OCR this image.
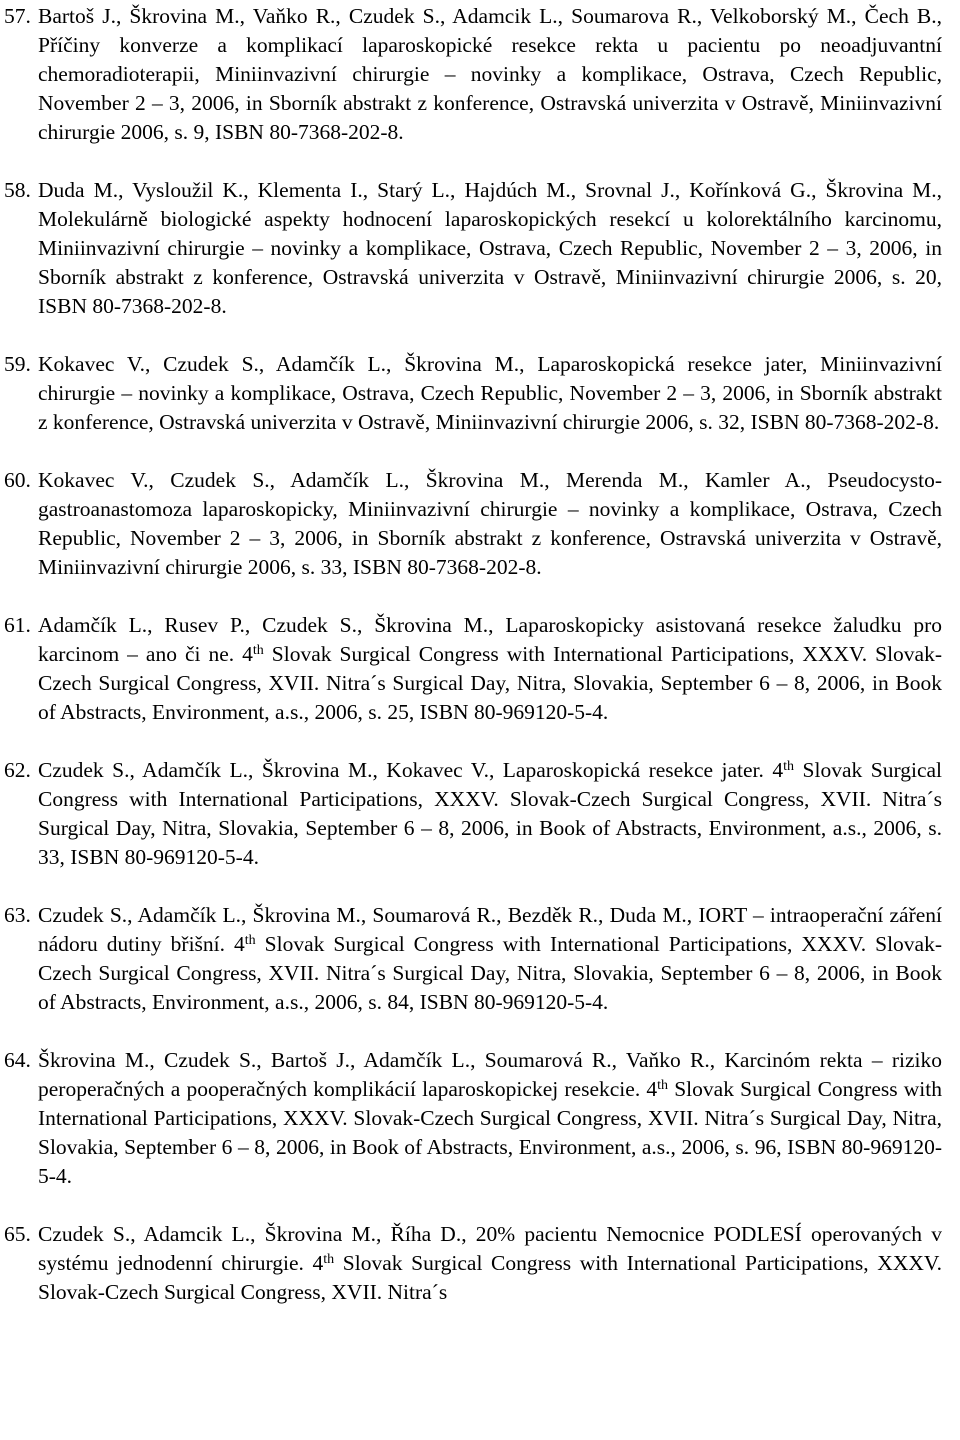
57. Bartoš J., Škrovina M., Vaňko R., Czudek S., Adamcik L., Soumarova R., Velkoborský M., Čech B., Příčiny konverze a komplikací laparoskopické resekce rekta u pacientu po neoadjuvantní chemoradioterapii, Miniinvazivní chirurgie – novinky a komplikace, Ostrava, Czech Republic, November 2 – 3, 2006, in Sborník abstrakt z konference, Ostravská univerzita v Ostravě, Miniinvazivní chirurgie 2006, s. 9, ISBN 80-7368-202-8.
58. Duda M., Vysloužil K., Klementa I., Starý L., Hajdúch M., Srovnal J., Kořínková G., Škrovina M., Molekulárně biologické aspekty hodnocení laparoskopických resekcí u kolorektálního karcinomu, Miniinvazivní chirurgie – novinky a komplikace, Ostrava, Czech Republic, November 2 – 3, 2006, in Sborník abstrakt z konference, Ostravská univerzita v Ostravě, Miniinvazivní chirurgie 2006, s. 20, ISBN 80-7368-202-8.
59. Kokavec V., Czudek S., Adamčík L., Škrovina M., Laparoskopická resekce jater, Miniinvazivní chirurgie – novinky a komplikace, Ostrava, Czech Republic, November 2 – 3, 2006, in Sborník abstrakt z konference, Ostravská univerzita v Ostravě, Miniinvazivní chirurgie 2006, s. 32, ISBN 80-7368-202-8.
60. Kokavec V., Czudek S., Adamčík L., Škrovina M., Merenda M., Kamler A., Pseudocysto-gastroanastomoza laparoskopicky, Miniinvazivní chirurgie – novinky a komplikace, Ostrava, Czech Republic, November 2 – 3, 2006, in Sborník abstrakt z konference, Ostravská univerzita v Ostravě, Miniinvazivní chirurgie 2006, s. 33, ISBN 80-7368-202-8.
61. Adamčík L., Rusev P., Czudek S., Škrovina M., Laparoskopicky asistovaná resekce žaludku pro karcinom – ano či ne. 4th Slovak Surgical Congress with International Participations, XXXV. Slovak-Czech Surgical Congress, XVII. Nitra´s Surgical Day, Nitra, Slovakia, September 6 – 8, 2006, in Book of Abstracts, Environment, a.s., 2006, s. 25, ISBN 80-969120-5-4.
62. Czudek S., Adamčík L., Škrovina M., Kokavec V., Laparoskopická resekce jater. 4th Slovak Surgical Congress with International Participations, XXXV. Slovak-Czech Surgical Congress, XVII. Nitra´s Surgical Day, Nitra, Slovakia, September 6 – 8, 2006, in Book of Abstracts, Environment, a.s., 2006, s. 33, ISBN 80-969120-5-4.
63. Czudek S., Adamčík L., Škrovina M., Soumarová R., Bezděk R., Duda M., IORT – intraoperační záření nádoru dutiny břišní. 4th Slovak Surgical Congress with International Participations, XXXV. Slovak-Czech Surgical Congress, XVII. Nitra´s Surgical Day, Nitra, Slovakia, September 6 – 8, 2006, in Book of Abstracts, Environment, a.s., 2006, s. 84, ISBN 80-969120-5-4.
64. Škrovina M., Czudek S., Bartoš J., Adamčík L., Soumarová R., Vaňko R., Karcinóm rekta – riziko peroperačných a pooperačných komplikácií laparoskopickej resekcie. 4th Slovak Surgical Congress with International Participations, XXXV. Slovak-Czech Surgical Congress, XVII. Nitra´s Surgical Day, Nitra, Slovakia, September 6 – 8, 2006, in Book of Abstracts, Environment, a.s., 2006, s. 96, ISBN 80-969120-5-4.
65. Czudek S., Adamcik L., Škrovina M., Říha D., 20% pacientu Nemocnice PODLESÍ operovaných v systému jednodenní chirurgie. 4th Slovak Surgical Congress with International Participations, XXXV. Slovak-Czech Surgical Congress, XVII. Nitra´s
